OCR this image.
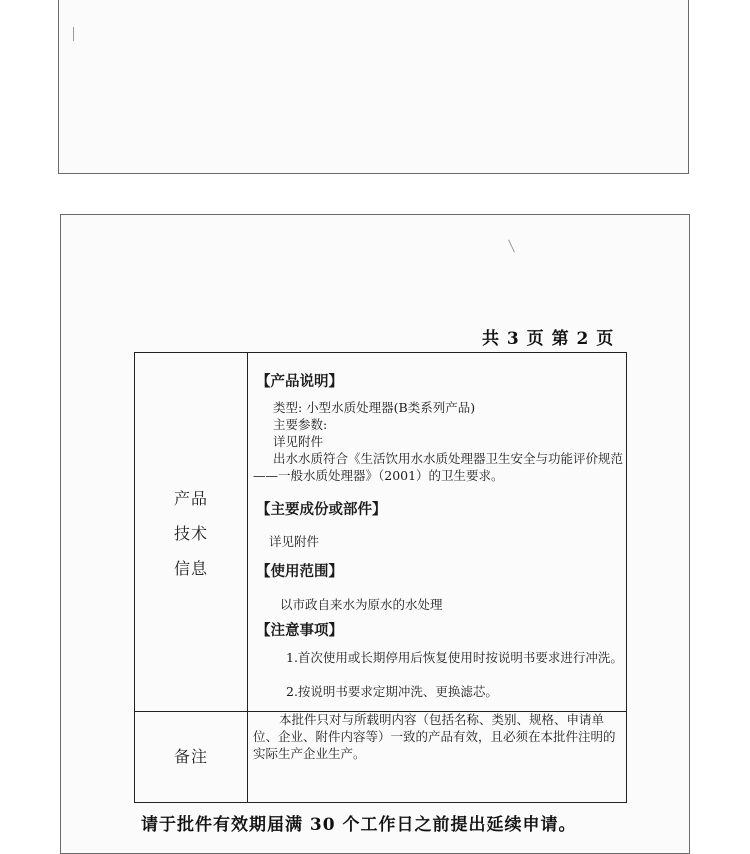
共 3 页 第 2 页
产品
技术
信息
【产品说明】
类型: 小型水质处理器(B类系列产品)
主要参数:
详见附件
出水水质符合《生活饮用水水质处理器卫生安全与功能评价规范——一般水质处理器》（2001）的卫生要求。
【主要成份或部件】
详见附件
【使用范围】
以市政自来水为原水的水处理
【注意事项】
1.首次使用或长期停用后恢复使用时按说明书要求进行冲洗。
2.按说明书要求定期冲洗、更换滤芯。
备注
本批件只对与所载明内容（包括名称、类别、规格、申请单位、企业、附件内容等）一致的产品有效，且必须在本批件注明的实际生产企业生产。
请于批件有效期届满 30 个工作日之前提出延续申请。
